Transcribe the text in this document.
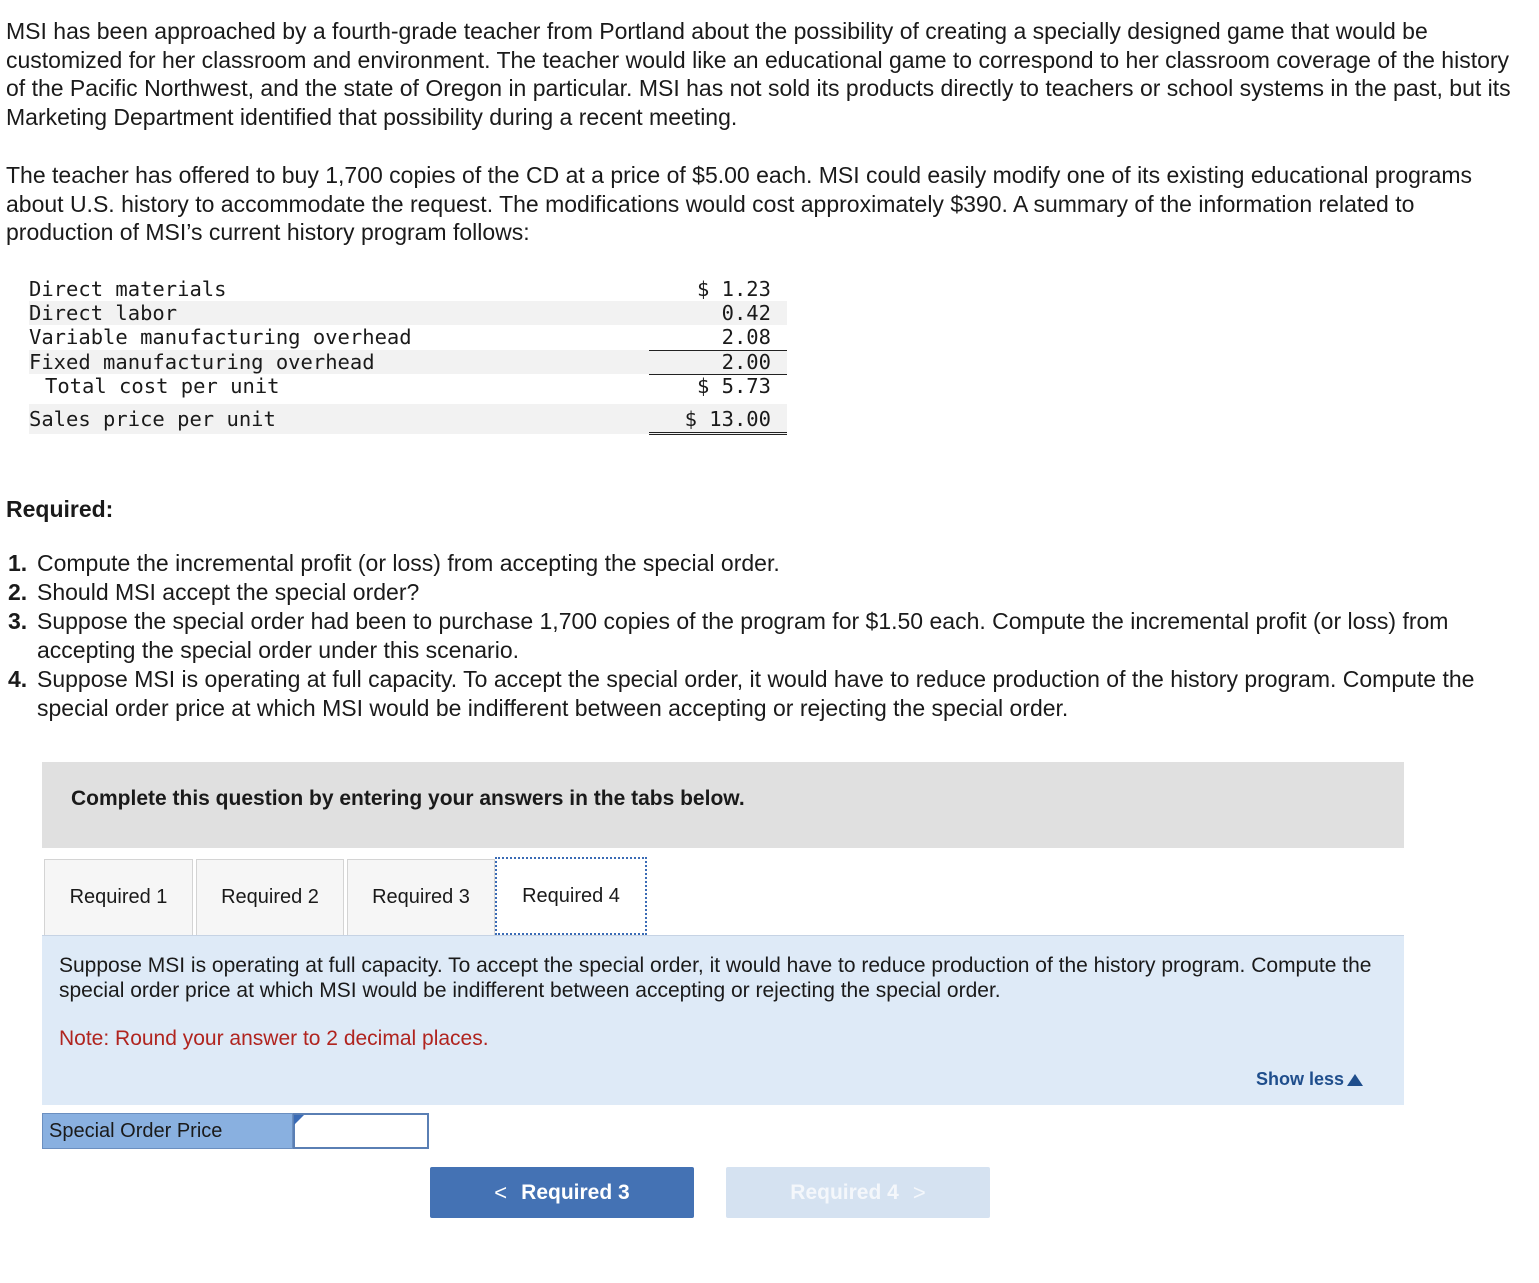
MSI has been approached by a fourth-grade teacher from Portland about the possibility of creating a specially designed game that would be customized for her classroom and environment. The teacher would like an educational game to correspond to her classroom coverage of the history of the Pacific Northwest, and the state of Oregon in particular. MSI has not sold its products directly to teachers or school systems in the past, but its Marketing Department identified that possibility during a recent meeting.

The teacher has offered to buy 1,700 copies of the CD at a price of $5.00 each. MSI could easily modify one of its existing educational programs about U.S. history to accommodate the request. The modifications would cost approximately $390. A summary of the information related to production of MSI’s current history program follows:

Direct materials	$ 1.23
Direct labor	0.42
Variable manufacturing overhead	2.08
Fixed manufacturing overhead	2.00
Total cost per unit	$ 5.73
Sales price per unit	$ 13.00

Required:

1. Compute the incremental profit (or loss) from accepting the special order.
2. Should MSI accept the special order?
3. Suppose the special order had been to purchase 1,700 copies of the program for $1.50 each. Compute the incremental profit (or loss) from accepting the special order under this scenario.
4. Suppose MSI is operating at full capacity. To accept the special order, it would have to reduce production of the history program. Compute the special order price at which MSI would be indifferent between accepting or rejecting the special order.
Complete this question by entering your answers in the tabs below.
Required 1	Required 2	Required 3	Required 4

Suppose MSI is operating at full capacity. To accept the special order, it would have to reduce production of the history program. Compute the special order price at which MSI would be indifferent between accepting or rejecting the special order.

Note: Round your answer to 2 decimal places.

Show less
Special Order Price
< Required 3	Required 4 >
